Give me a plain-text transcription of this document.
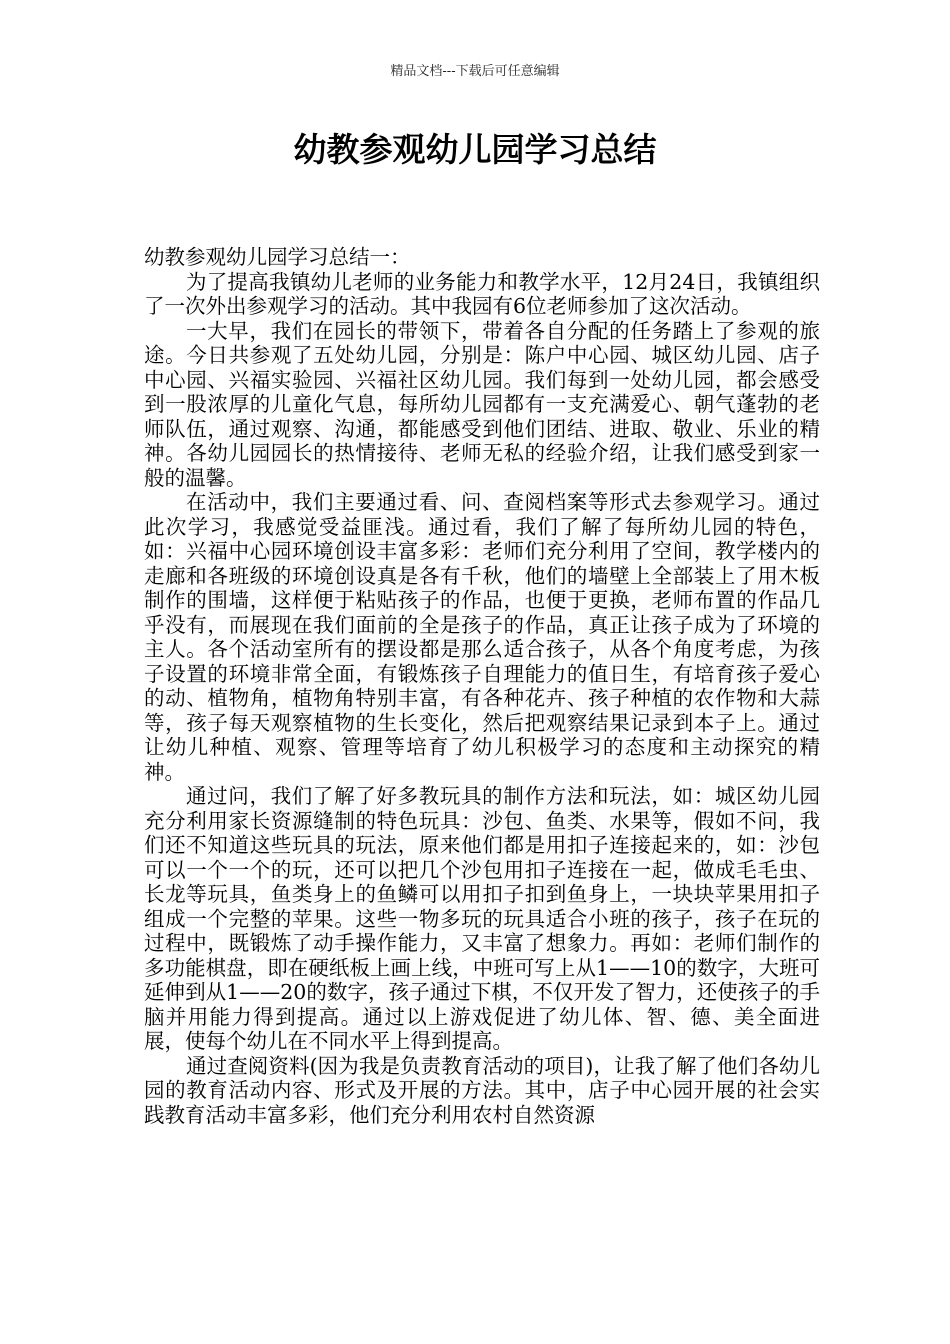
精品文档---下载后可任意编辑
幼教参观幼儿园学习总结

幼教参观幼儿园学习总结一：

为了提高我镇幼儿老师的业务能力和教学水平，12月24日，我镇组织了一次外出参观学习的活动。其中我园有6位老师参加了这次活动。

一大早，我们在园长的带领下，带着各自分配的任务踏上了参观的旅途。今日共参观了五处幼儿园，分别是：陈户中心园、城区幼儿园、店子中心园、兴福实验园、兴福社区幼儿园。我们每到一处幼儿园，都会感受到一股浓厚的儿童化气息，每所幼儿园都有一支充满爱心、朝气蓬勃的老师队伍，通过观察、沟通，都能感受到他们团结、进取、敬业、乐业的精神。各幼儿园园长的热情接待、老师无私的经验介绍，让我们感受到家一般的温馨。

在活动中，我们主要通过看、问、查阅档案等形式去参观学习。通过此次学习，我感觉受益匪浅。通过看，我们了解了每所幼儿园的特色，如：兴福中心园环境创设丰富多彩：老师们充分利用了空间，教学楼内的走廊和各班级的环境创设真是各有千秋，他们的墙壁上全部装上了用木板制作的围墙，这样便于粘贴孩子的作品，也便于更换，老师布置的作品几乎没有，而展现在我们面前的全是孩子的作品，真正让孩子成为了环境的主人。各个活动室所有的摆设都是那么适合孩子，从各个角度考虑，为孩子设置的环境非常全面，有锻炼孩子自理能力的值日生，有培育孩子爱心的动、植物角，植物角特别丰富，有各种花卉、孩子种植的农作物和大蒜等，孩子每天观察植物的生长变化，然后把观察结果记录到本子上。通过让幼儿种植、观察、管理等培育了幼儿积极学习的态度和主动探究的精神。

通过问，我们了解了好多教玩具的制作方法和玩法，如：城区幼儿园充分利用家长资源缝制的特色玩具：沙包、鱼类、水果等，假如不问，我们还不知道这些玩具的玩法，原来他们都是用扣子连接起来的，如：沙包可以一个一个的玩，还可以把几个沙包用扣子连接在一起，做成毛毛虫、长龙等玩具，鱼类身上的鱼鳞可以用扣子扣到鱼身上，一块块苹果用扣子组成一个完整的苹果。这些一物多玩的玩具适合小班的孩子，孩子在玩的过程中，既锻炼了动手操作能力，又丰富了想象力。再如：老师们制作的多功能棋盘，即在硬纸板上画上线，中班可写上从1——10的数字，大班可延伸到从1——20的数字，孩子通过下棋，不仅开发了智力，还使孩子的手脑并用能力得到提高。通过以上游戏促进了幼儿体、智、德、美全面进展，使每个幼儿在不同水平上得到提高。

通过查阅资料(因为我是负责教育活动的项目)，让我了解了他们各幼儿园的教育活动内容、形式及开展的方法。其中，店子中心园开展的社会实践教育活动丰富多彩，他们充分利用农村自然资源
